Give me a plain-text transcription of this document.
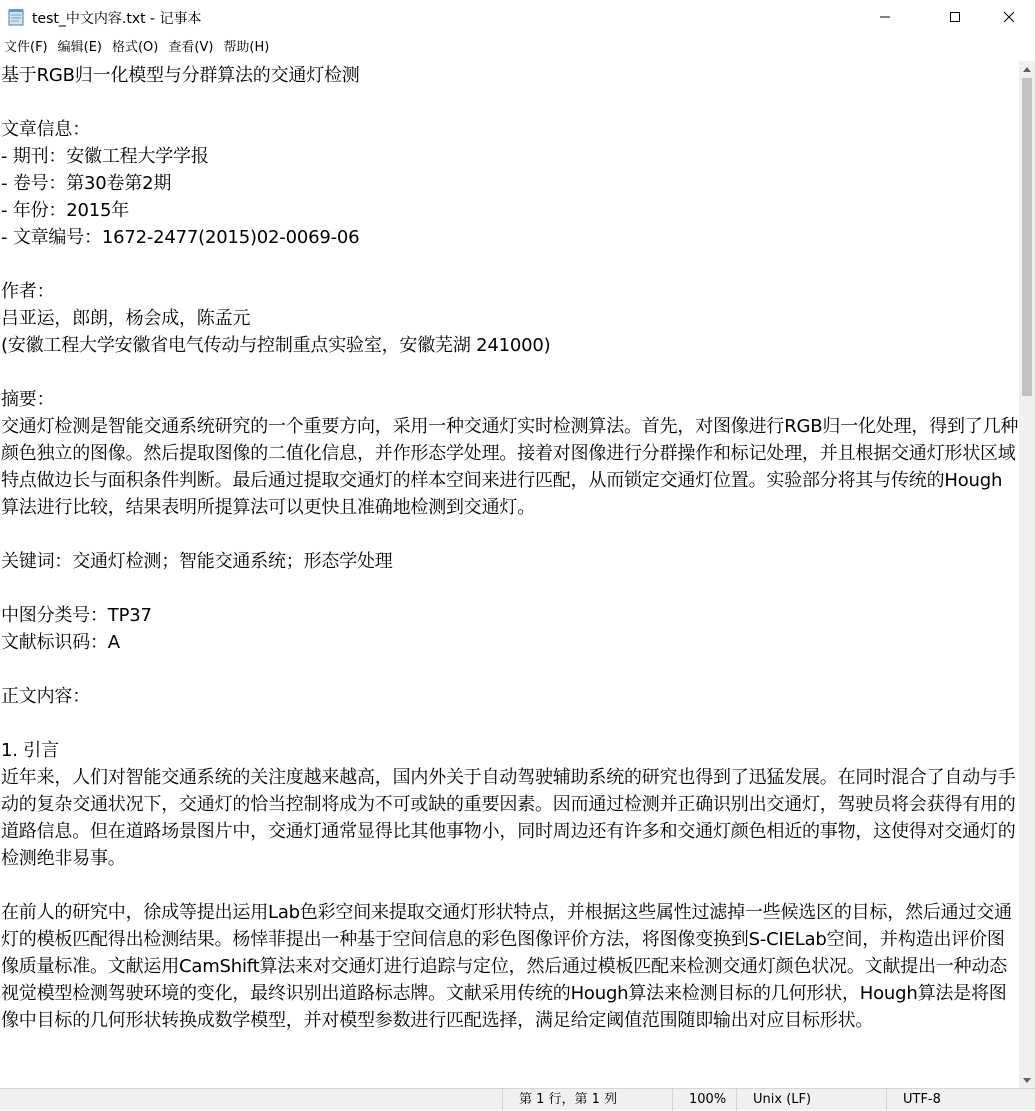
test_中文内容.txt - 记事本
文件(F) 编辑(E) 格式(O) 查看(V) 帮助(H)
基于RGB归一化模型与分群算法的交通灯检测

文章信息：
- 期刊：安徽工程大学学报
- 卷号：第30卷第2期
- 年份：2015年
- 文章编号：1672-2477(2015)02-0069-06

作者：
吕亚运，郎朗，杨会成，陈孟元
(安徽工程大学安徽省电气传动与控制重点实验室，安徽芜湖 241000)

摘要：
交通灯检测是智能交通系统研究的一个重要方向，采用一种交通灯实时检测算法。首先，对图像进行RGB归一化处理，得到了几种颜色独立的图像。然后提取图像的二值化信息，并作形态学处理。接着对图像进行分群操作和标记处理，并且根据交通灯形状区域特点做边长与面积条件判断。最后通过提取交通灯的样本空间来进行匹配，从而锁定交通灯位置。实验部分将其与传统的Hough算法进行比较，结果表明所提算法可以更快且准确地检测到交通灯。

关键词：交通灯检测；智能交通系统；形态学处理

中图分类号：TP37
文献标识码：A

正文内容：

1. 引言
近年来，人们对智能交通系统的关注度越来越高，国内外关于自动驾驶辅助系统的研究也得到了迅猛发展。在同时混合了自动与手动的复杂交通状况下，交通灯的恰当控制将成为不可或缺的重要因素。因而通过检测并正确识别出交通灯，驾驶员将会获得有用的道路信息。但在道路场景图片中，交通灯通常显得比其他事物小，同时周边还有许多和交通灯颜色相近的事物，这使得对交通灯的检测绝非易事。

在前人的研究中，徐成等提出运用Lab色彩空间来提取交通灯形状特点，并根据这些属性过滤掉一些候选区的目标，然后通过交通灯的模板匹配得出检测结果。杨悻菲提出一种基于空间信息的彩色图像评价方法，将图像变换到S-CIELab空间，并构造出评价图像质量标准。文献运用CamShift算法来对交通灯进行追踪与定位，然后通过模板匹配来检测交通灯颜色状况。文献提出一种动态视觉模型检测驾驶环境的变化，最终识别出道路标志牌。文献采用传统的Hough算法来检测目标的几何形状，Hough算法是将图像中目标的几何形状转换成数学模型，并对模型参数进行匹配选择，满足给定阈值范围随即输出对应目标形状。
第 1 行，第 1 列	100%	Unix (LF)	UTF-8
